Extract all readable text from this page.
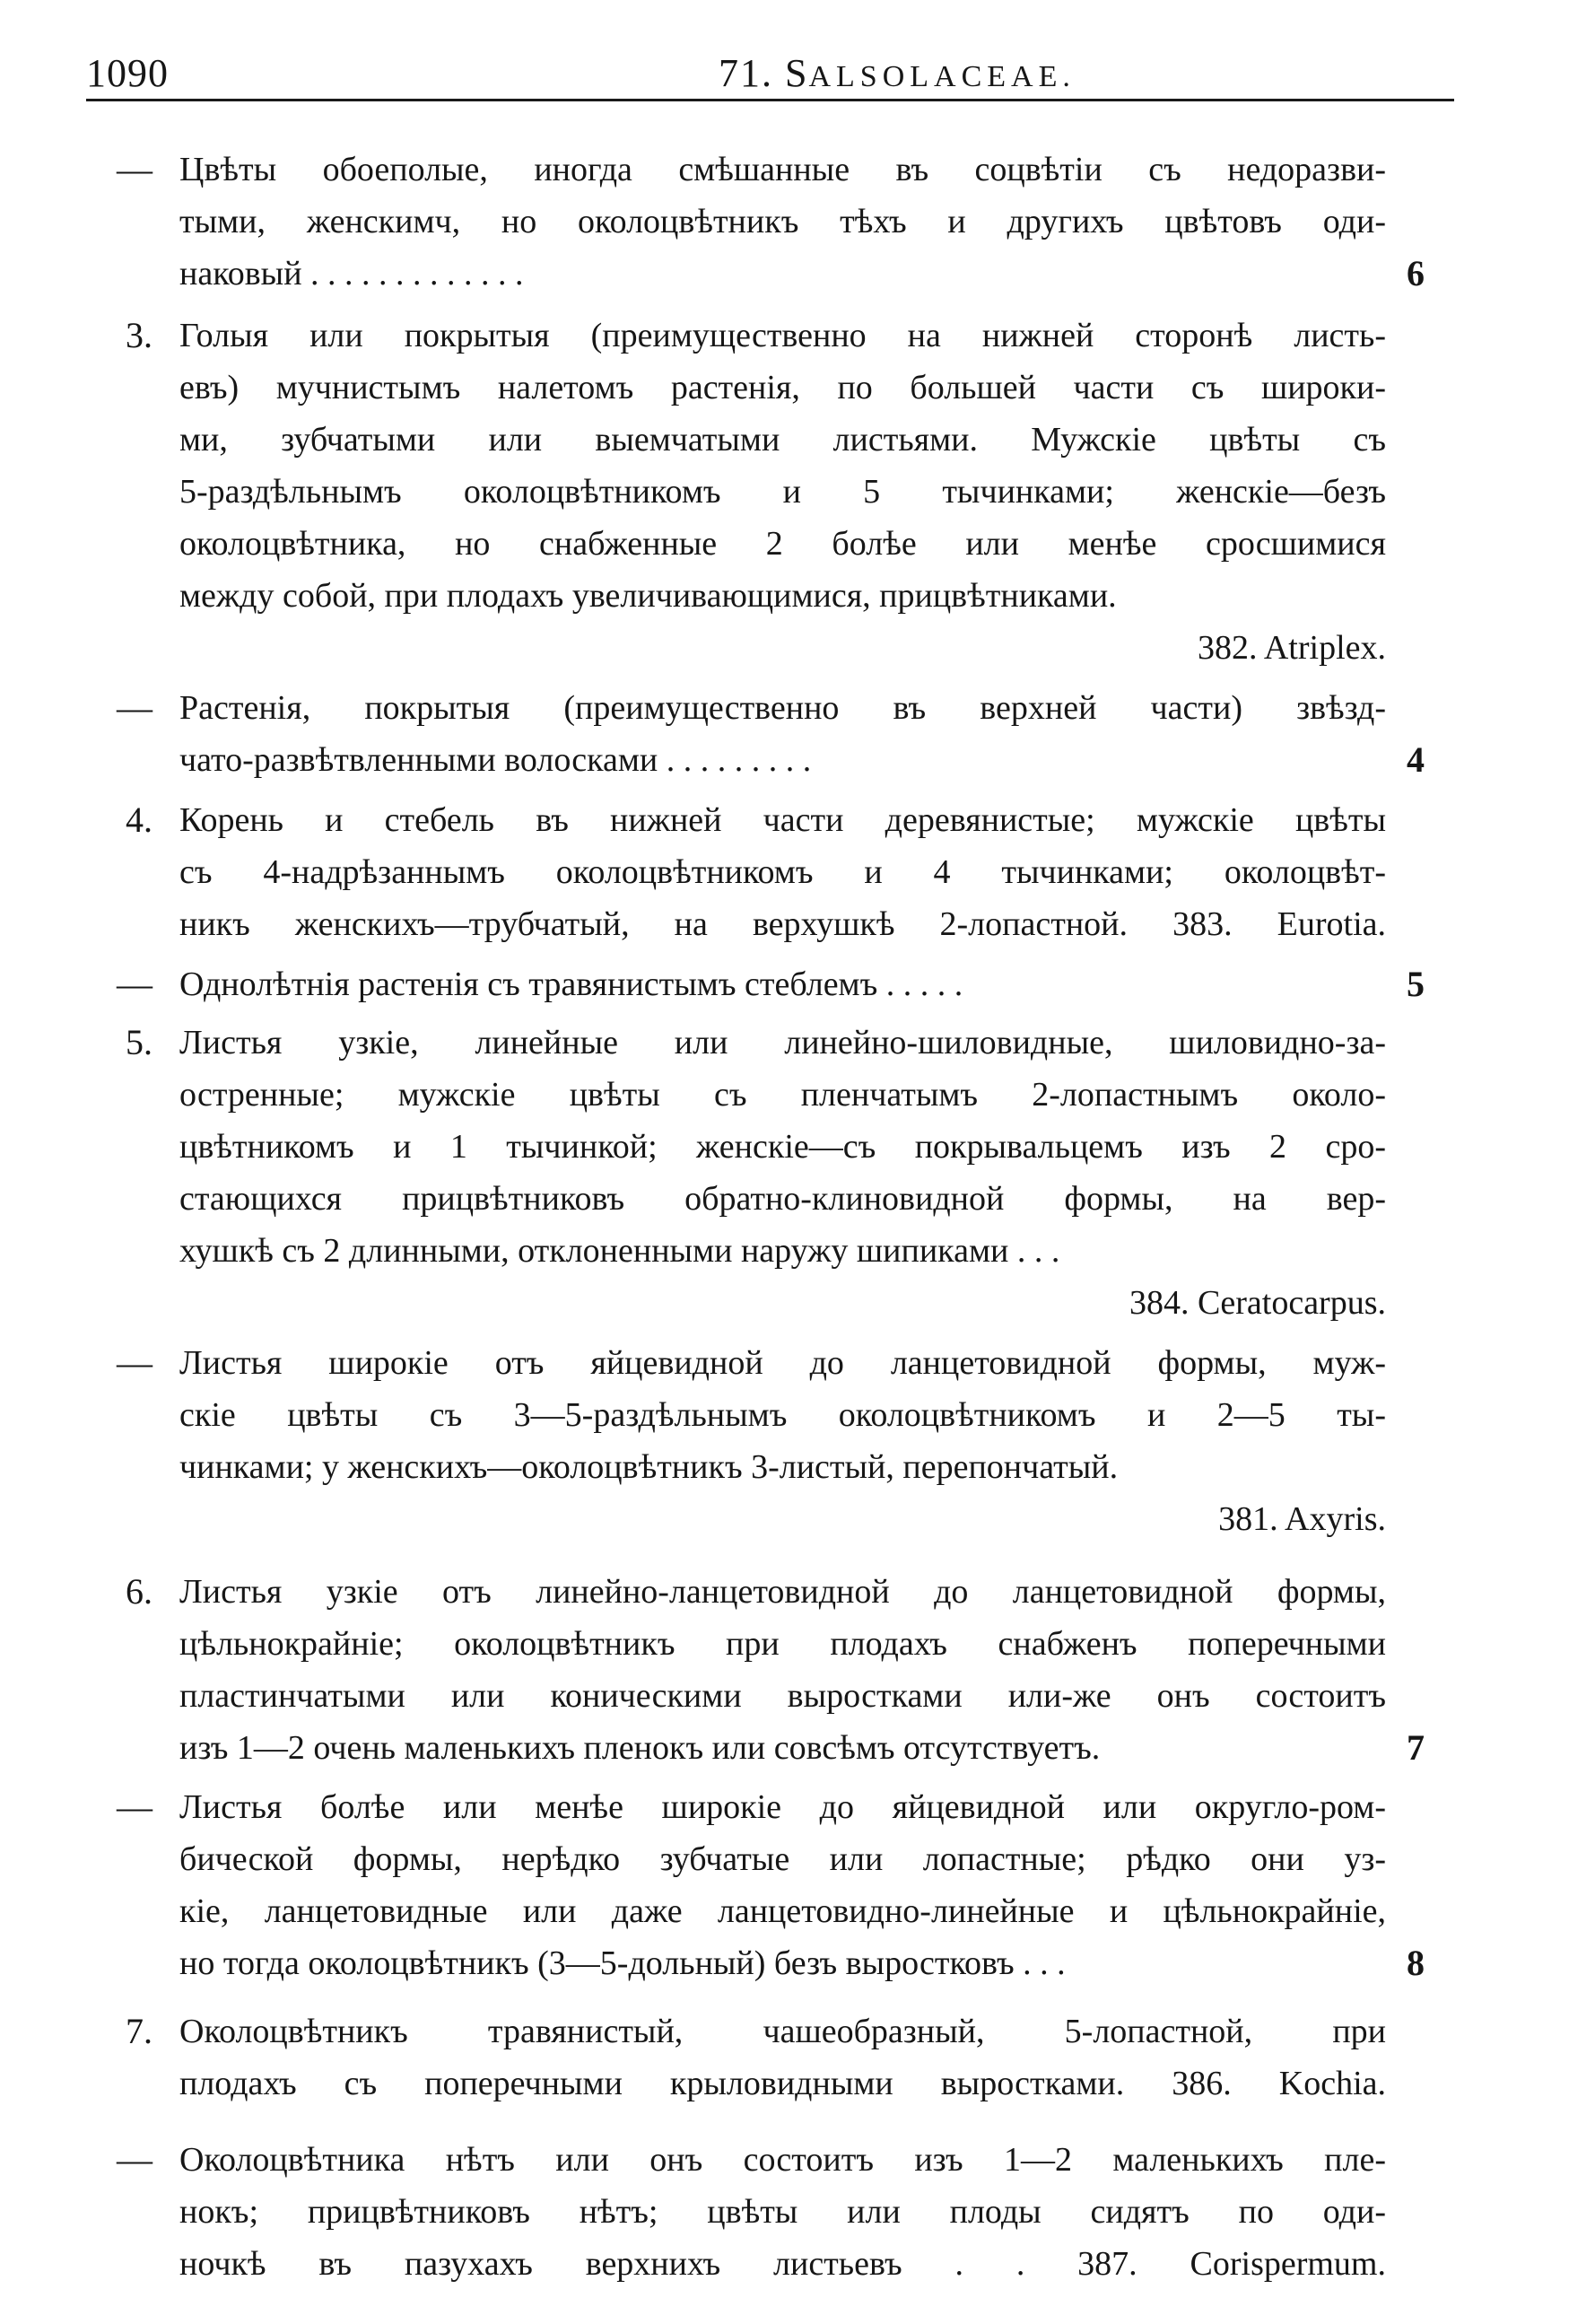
1090	71. SALSOLACEAE.
— Цвѣты обоеполые, иногда смѣшанные въ соцвѣтіи съ недоразви-
тыми, женскимч, но околоцвѣтникъ тѣхъ и другихъ цвѣтовъ оди-
наковый . . . . . . . . . . . . .	6
3. Голыя или покрытыя (преимущественно на нижней сторонѣ листь-
евъ) мучнистымъ налетомъ растенія, по большей части съ широки-
ми, зубчатыми или выемчатыми листьями. Мужскіе цвѣты съ
5-раздѣльнымъ околоцвѣтникомъ и 5 тычинками; женскіе—безъ
околоцвѣтника, но снабженные 2 болѣе или менѣе сросшимися
между собой, при плодахъ увеличивающимися, прицвѣтниками.
382. Atriplex.
— Растенія, покрытыя (преимущественно въ верхней части) звѣзд-
чато-развѣтвленными волосками . . . . . . . . .	4
4. Корень и стебель въ нижней части деревянистые; мужскіе цвѣты
съ 4-надрѣзаннымъ околоцвѣтникомъ и 4 тычинками; околоцвѣт-
никъ женскихъ—трубчатый, на верхушкѣ 2-лопастной. 383. Eurotia.
— Однолѣтнія растенія съ травянистымъ стеблемъ . . . . .	5
5. Листья узкіе, линейные или линейно-шиловидные, шиловидно-за-
остренные; мужскіе цвѣты съ пленчатымъ 2-лопастнымъ около-
цвѣтникомъ и 1 тычинкой; женскіе—съ покрывальцемъ изъ 2 сро-
стающихся прицвѣтниковъ обратно-клиновидной формы, на вер-
хушкѣ съ 2 длинными, отклоненными наружу шипиками . . .
384. Ceratocarpus.
— Листья широкіе отъ яйцевидной до ланцетовидной формы, муж-
скіе цвѣты съ 3—5-раздѣльнымъ околоцвѣтникомъ и 2—5 ты-
чинками; у женскихъ—околоцвѣтникъ 3-листый, перепончатый.
381. Axyris.
6. Листья узкіе отъ линейно-ланцетовидной до ланцетовидной формы,
цѣльнокрайніе; околоцвѣтникъ при плодахъ снабженъ поперечными
пластинчатыми или коническими выростками или-же онъ состоитъ
изъ 1—2 очень маленькихъ пленокъ или совсѣмъ отсутствуетъ.	7
— Листья болѣе или менѣе широкіе до яйцевидной или округло-ром-
бической формы, нерѣдко зубчатые или лопастные; рѣдко они уз-
кіе, ланцетовидные или даже ланцетовидно-линейные и цѣльнокрайніе,
но тогда околоцвѣтникъ (3—5-дольный) безъ выростковъ . . .	8
7. Околоцвѣтникъ травянистый, чашеобразный, 5-лопастной, при
плодахъ съ поперечными крыловидными выростками. 386. Kochia.
— Околоцвѣтника нѣтъ или онъ состоитъ изъ 1—2 маленькихъ пле-
нокъ; прицвѣтниковъ нѣтъ; цвѣты или плоды сидятъ по оди-
ночкѣ въ пазухахъ верхнихъ листьевъ . . 387. Corispermum.
